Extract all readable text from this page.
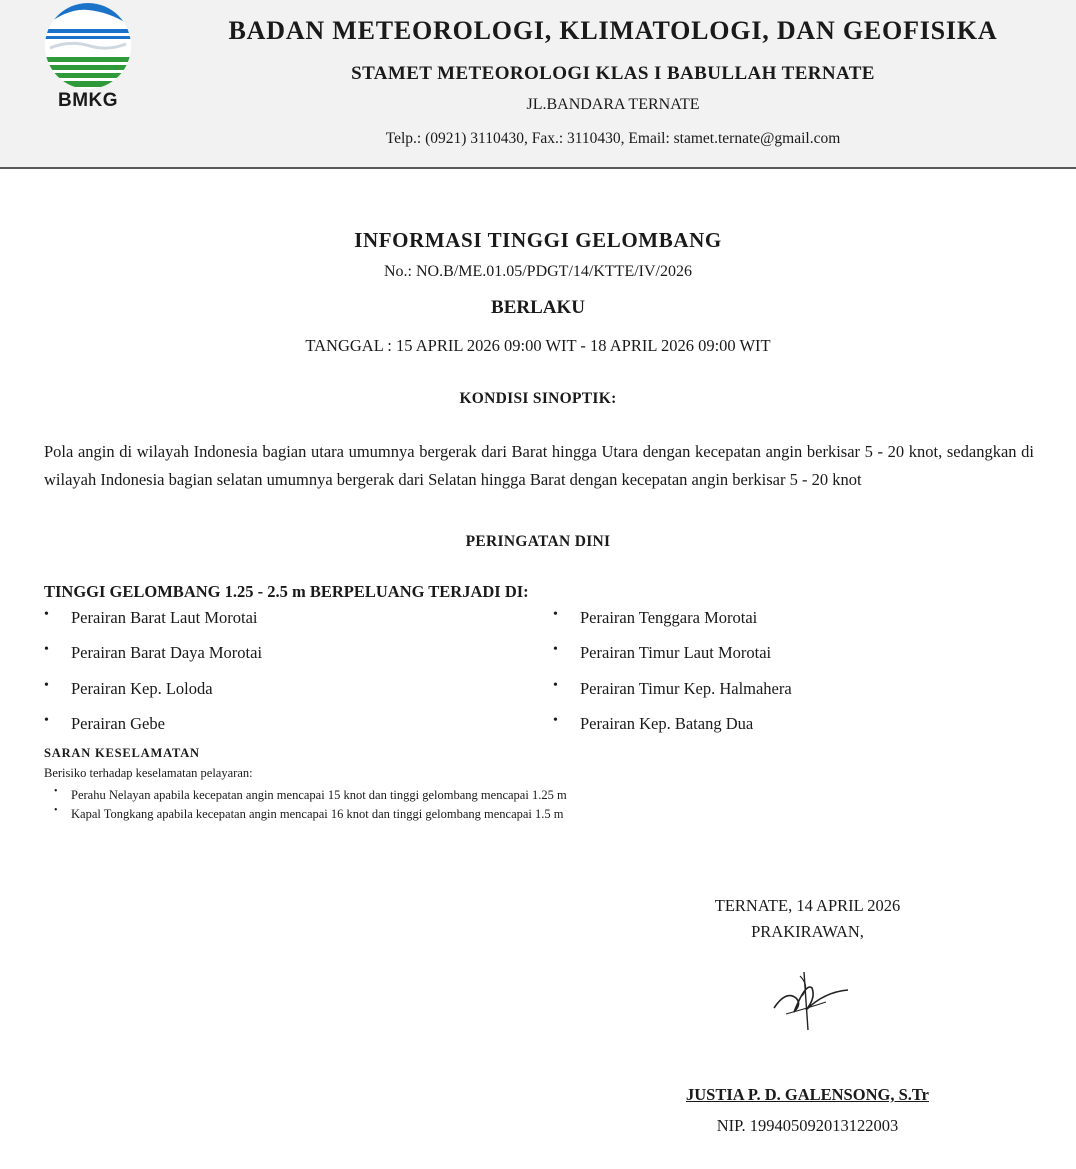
BMKG
BADAN METEOROLOGI, KLIMATOLOGI, DAN GEOFISIKA
STAMET METEOROLOGI KLAS I BABULLAH TERNATE
JL.BANDARA TERNATE
Telp.: (0921) 3110430, Fax.: 3110430, Email: stamet.ternate@gmail.com
INFORMASI TINGGI GELOMBANG
No.: NO.B/ME.01.05/PDGT/14/KTTE/IV/2026
BERLAKU
TANGGAL : 15 APRIL 2026 09:00 WIT - 18 APRIL 2026 09:00 WIT
KONDISI SINOPTIK:
Pola angin di wilayah Indonesia bagian utara umumnya bergerak dari Barat hingga Utara dengan kecepatan angin berkisar 5 - 20 knot, sedangkan di wilayah Indonesia bagian selatan umumnya bergerak dari Selatan hingga Barat dengan kecepatan angin berkisar 5 - 20 knot
PERINGATAN DINI
TINGGI GELOMBANG 1.25 - 2.5 m BERPELUANG TERJADI DI:
• Perairan Barat Laut Morotai
• Perairan Barat Daya Morotai
• Perairan Kep. Loloda
• Perairan Gebe
• Perairan Tenggara Morotai
• Perairan Timur Laut Morotai
• Perairan Timur Kep. Halmahera
• Perairan Kep. Batang Dua
SARAN KESELAMATAN
Berisiko terhadap keselamatan pelayaran:
• Perahu Nelayan apabila kecepatan angin mencapai 15 knot dan tinggi gelombang mencapai 1.25 m
• Kapal Tongkang apabila kecepatan angin mencapai 16 knot dan tinggi gelombang mencapai 1.5 m
TERNATE, 14 APRIL 2026
PRAKIRAWAN,
JUSTIA P. D. GALENSONG, S.Tr
NIP. 199405092013122003
